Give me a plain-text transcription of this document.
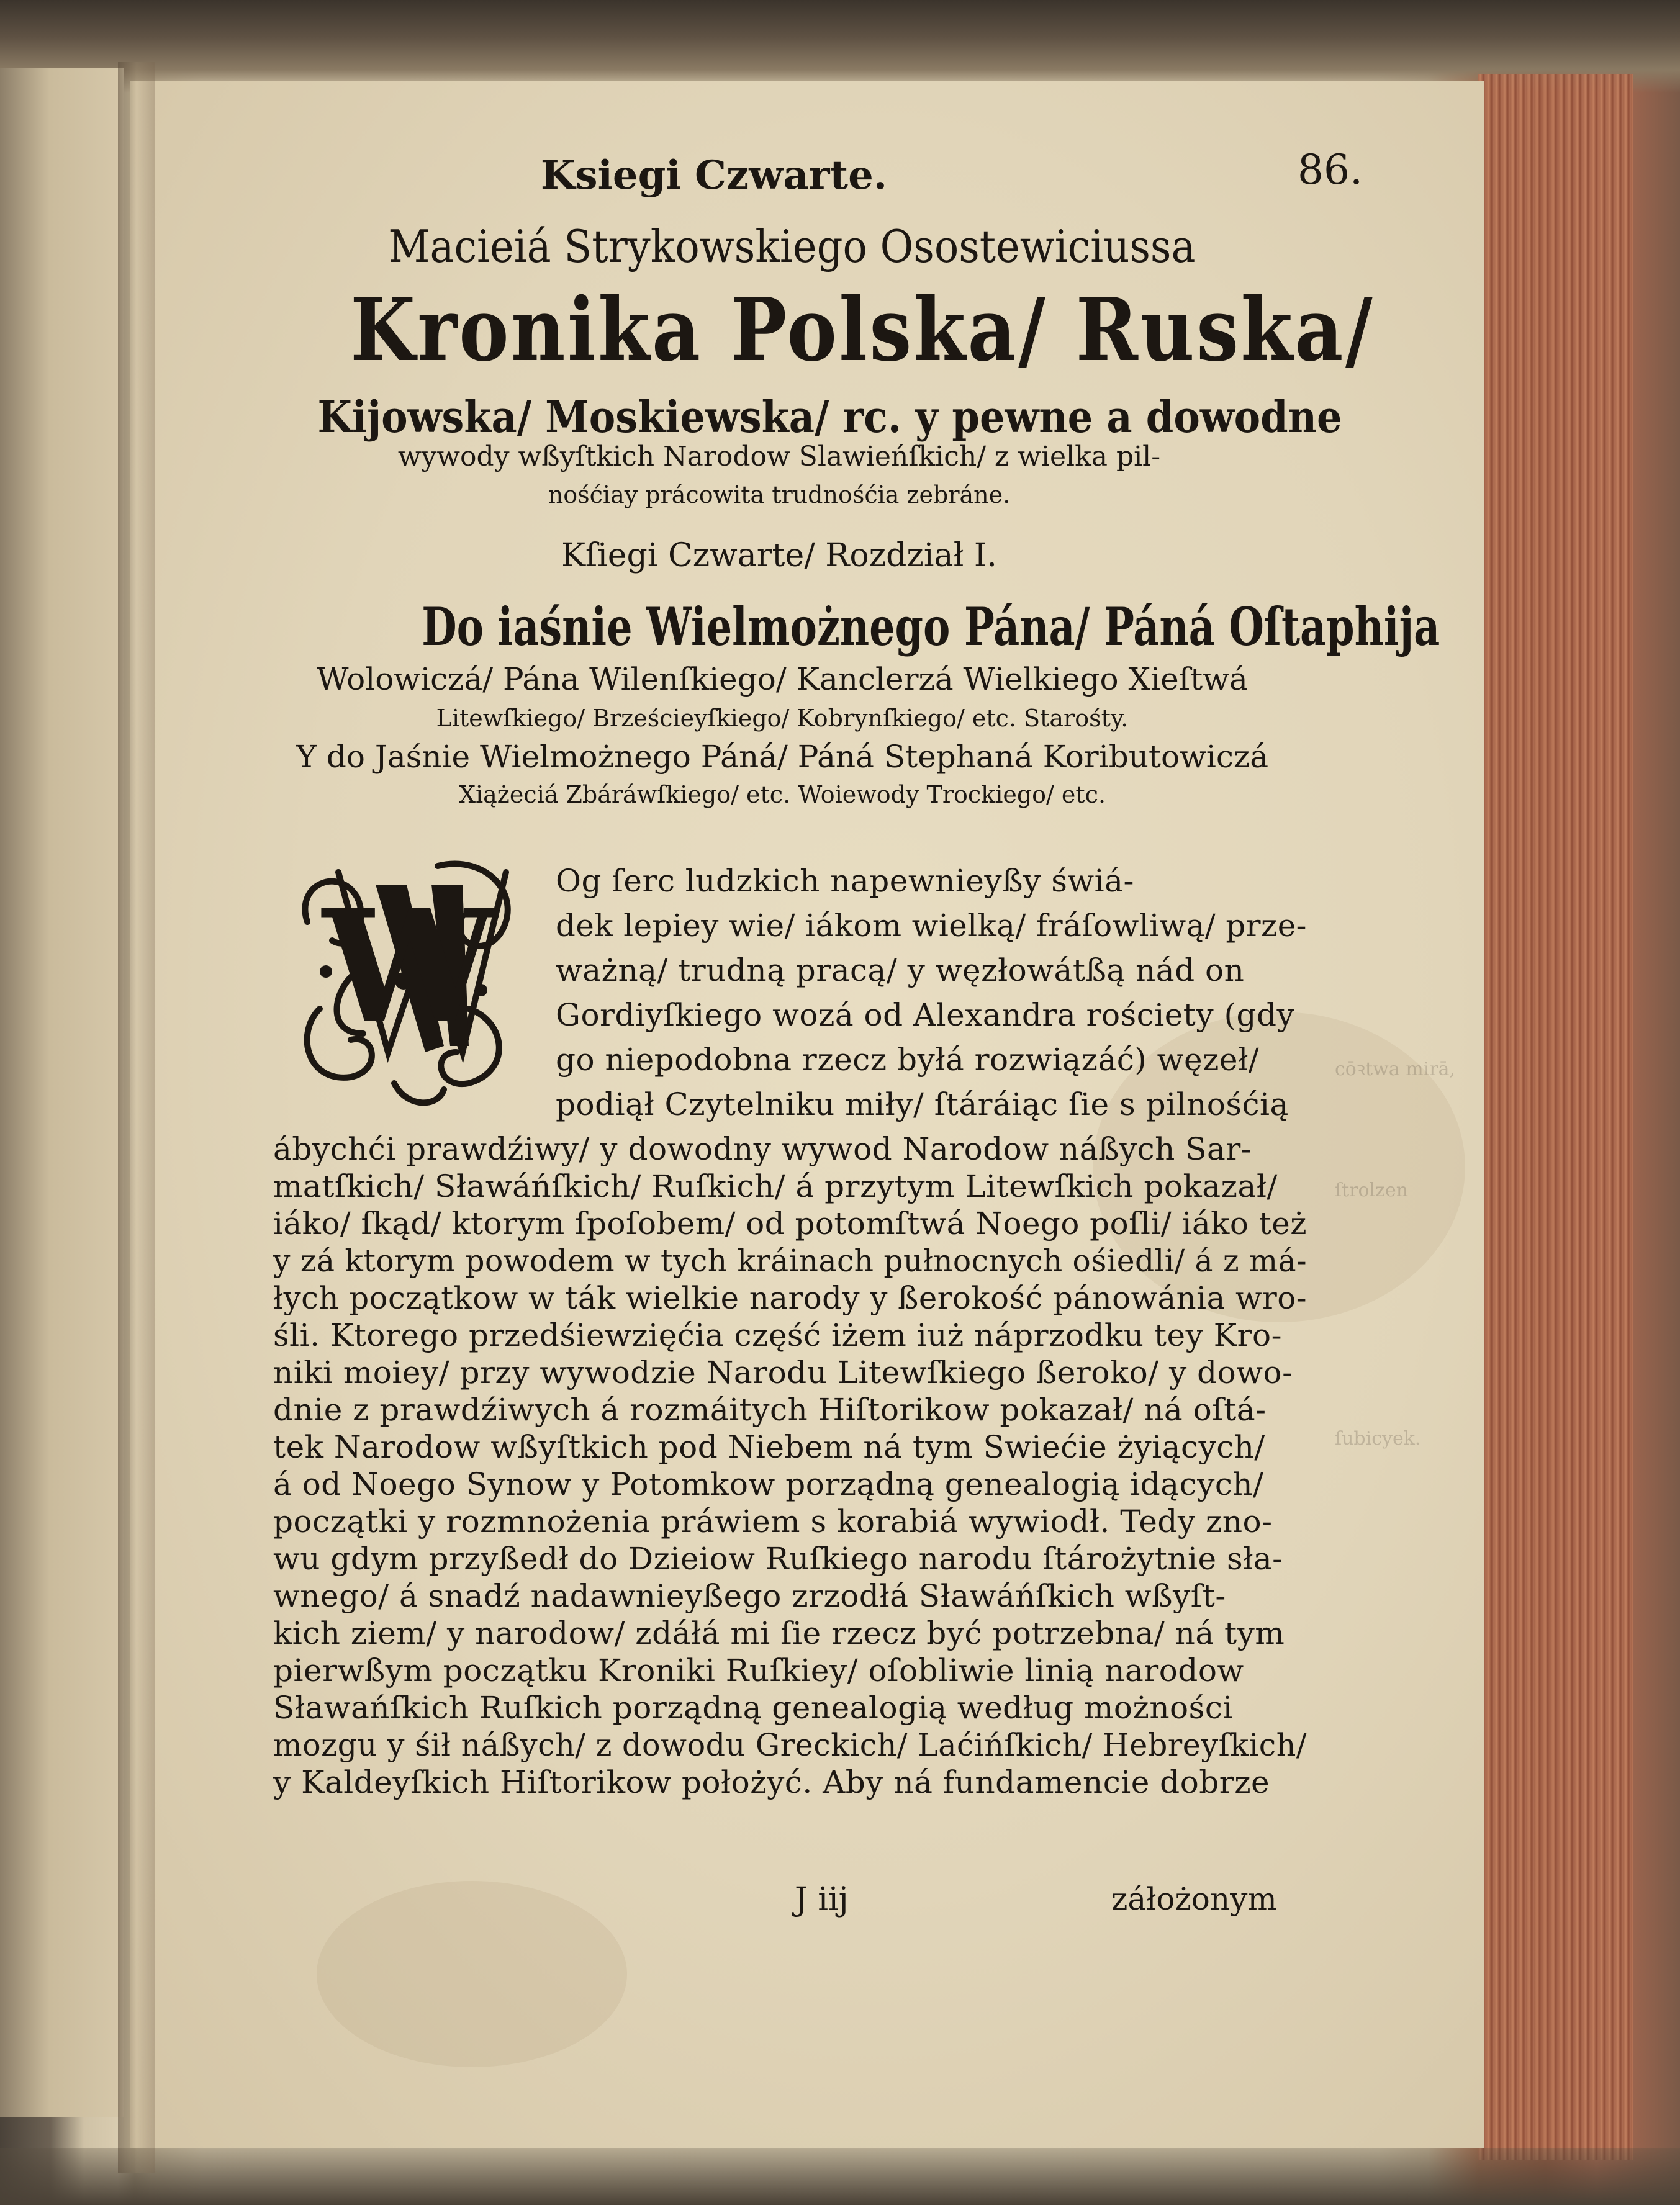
cōꝛtwa mirā,
ſtrolzen
ſubicyek.
Ksiegi Czwarte.	86.
Macieiá Strykowskiego Osostewiciussa
Kronika Polska/ Ruska/
Kijowska/ Moskiewska/ rc. y pewne a dowodne
wywody wßyſtkich Narodow Slawieńſkich/ z wielka pil-
nośćiay prácowita trudnośćia zebráne.
Kſiegi Czwarte/ Rozdział I.
Do iaśnie Wielmożnego Pána/ Páná Oſtaphija
Wolowiczá/ Pána Wilenſkiego/ Kanclerzá Wielkiego Xieſtwá
Litewſkiego/ Brześcieyſkiego/ Kobrynſkiego/ etc. Starośty.
Y do Jaśnie Wielmożnego Páná/ Páná Stephaná Koributowiczá
Xiążeciá Zbáráwſkiego/ etc. Woiewody Trockiego/ etc.
W Og ſerc ludzkich napewnieyßy świá-
dek lepiey wie/ iákom wielką/ fráſowliwą/ prze-
ważną/ trudną pracą/ y węzłowátßą nád on
Gordiyſkiego wozá od Alexandra rościety (gdy
go niepodobna rzecz byłá rozwiązáć) węzeł/
podiął Czytelniku miły/ ſtáráiąc ſie s pilnośćią
ábychći prawdźiwy/ y dowodny wywod Narodow náßych Sar-
matſkich/ Sławáńſkich/ Ruſkich/ á przytym Litewſkich pokazał/
iáko/ ſkąd/ ktorym ſpoſobem/ od potomſtwá Noego poſli/ iáko też
y zá ktorym powodem w tych kráinach pułnocnych ośiedli/ á z má-
łych początkow w ták wielkie narody y ßerokość pánowánia wro-
śli. Ktorego przedśiewzięćia część iżem iuż náprzodku tey Kro-
niki moiey/ przy wywodzie Narodu Litewſkiego ßeroko/ y dowo-
dnie z prawdźiwych á rozmáitych Hiſtorikow pokazał/ ná oſtá-
tek Narodow wßyſtkich pod Niebem ná tym Swiećie żyiących/
á od Noego Synow y Potomkow porządną genealogią idących/
początki y rozmnożenia práwiem s korabiá wywiodł. Tedy zno-
wu gdym przyßedł do Dzieiow Ruſkiego narodu ſtárożytnie sła-
wnego/ á snadź nadawnieyßego zrzodłá Sławáńſkich wßyſt-
kich ziem/ y narodow/ zdáłá mi ſie rzecz być potrzebna/ ná tym
pierwßym początku Kroniki Ruſkiey/ oſobliwie linią narodow
Sławańſkich Ruſkich porządną genealogią według możności
mozgu y śił náßych/ z dowodu Greckich/ Laćińſkich/ Hebreyſkich/
y Kaldeyſkich Hiſtorikow położyć. Aby ná fundamencie dobrze
J iij	záłożonym
